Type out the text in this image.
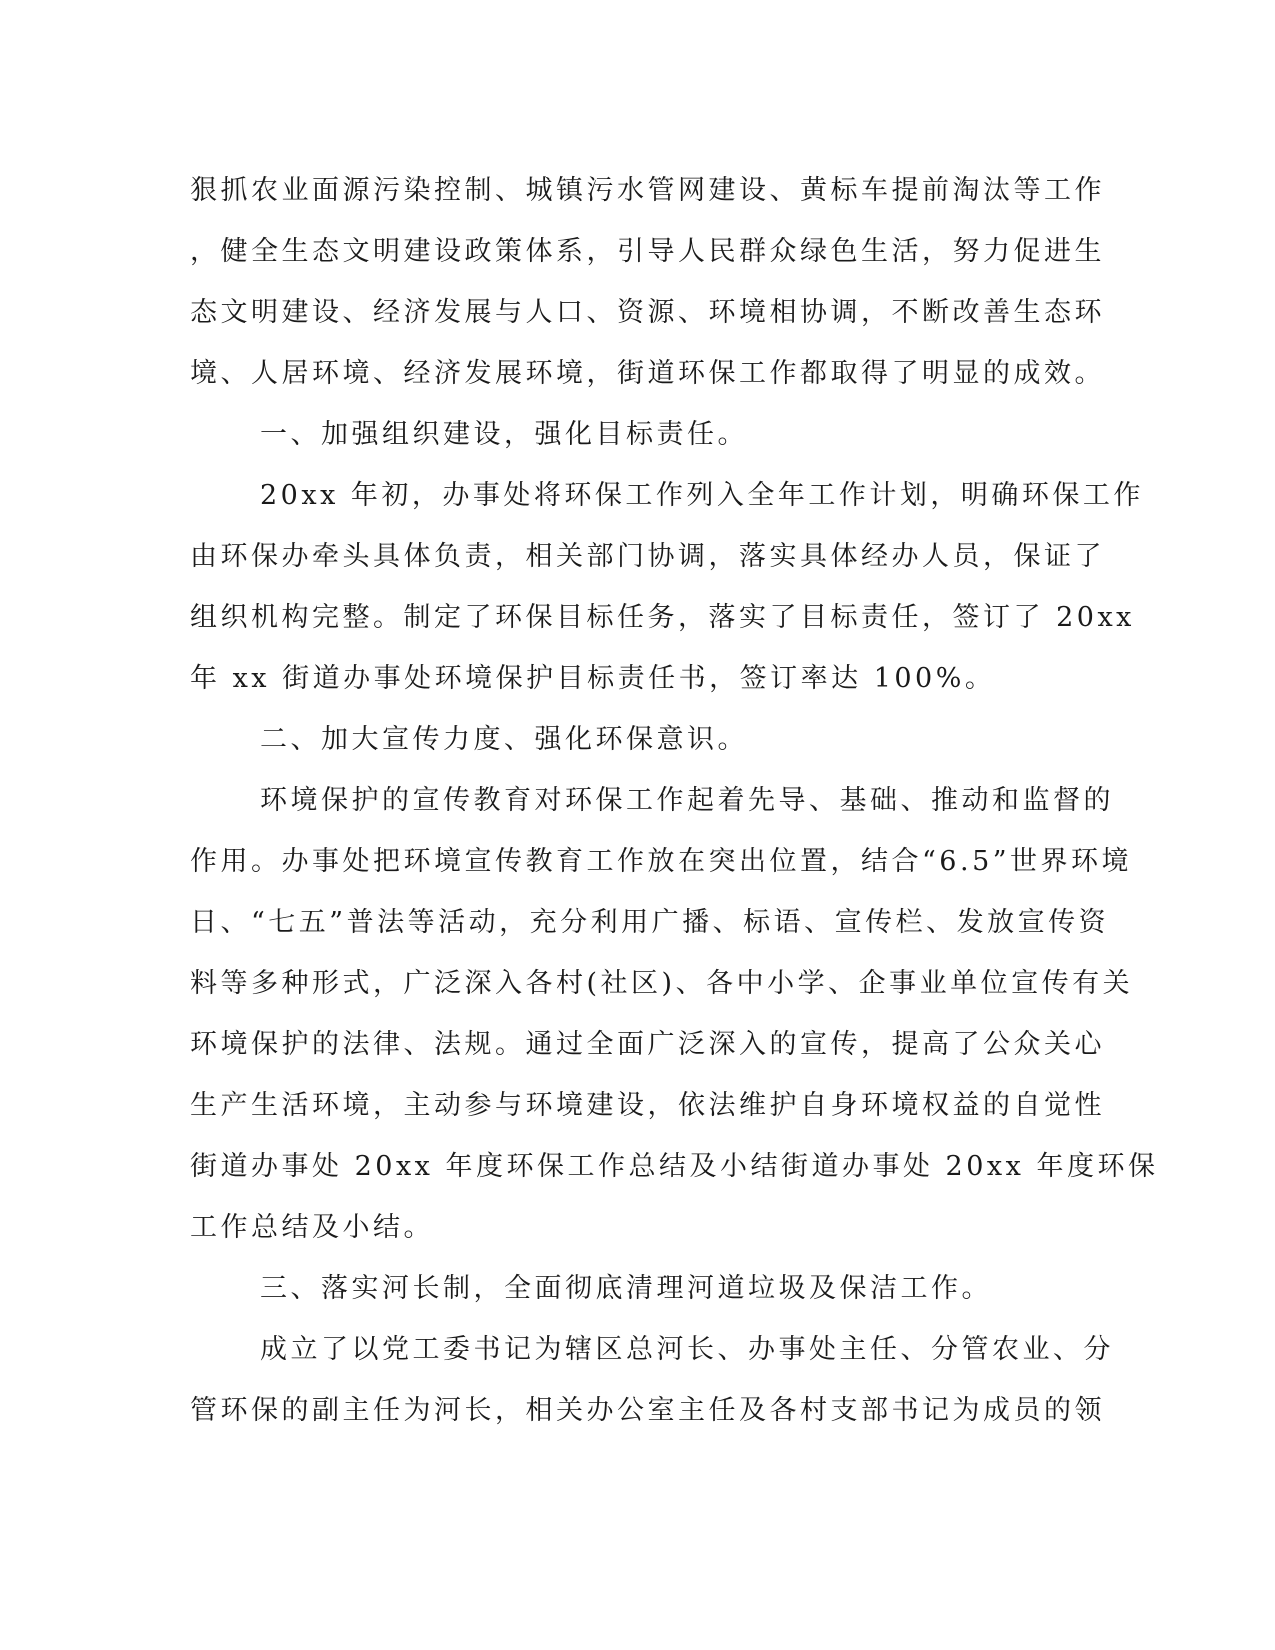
狠抓农业面源污染控制、城镇污水管网建设、黄标车提前淘汰等工作
，健全生态文明建设政策体系，引导人民群众绿色生活，努力促进生
态文明建设、经济发展与人口、资源、环境相协调，不断改善生态环
境、人居环境、经济发展环境，街道环保工作都取得了明显的成效。
一、加强组织建设，强化目标责任。
20xx 年初，办事处将环保工作列入全年工作计划，明确环保工作
由环保办牵头具体负责，相关部门协调，落实具体经办人员，保证了
组织机构完整。制定了环保目标任务，落实了目标责任，签订了 20xx
年 xx 街道办事处环境保护目标责任书，签订率达 100%。
二、加大宣传力度、强化环保意识。
环境保护的宣传教育对环保工作起着先导、基础、推动和监督的
作用。办事处把环境宣传教育工作放在突出位置，结合“6.5”世界环境
日、“七五”普法等活动，充分利用广播、标语、宣传栏、发放宣传资
料等多种形式，广泛深入各村(社区)、各中小学、企事业单位宣传有关
环境保护的法律、法规。通过全面广泛深入的宣传，提高了公众关心
生产生活环境，主动参与环境建设，依法维护自身环境权益的自觉性
街道办事处 20xx 年度环保工作总结及小结街道办事处 20xx 年度环保
工作总结及小结。
三、落实河长制，全面彻底清理河道垃圾及保洁工作。
成立了以党工委书记为辖区总河长、办事处主任、分管农业、分
管环保的副主任为河长，相关办公室主任及各村支部书记为成员的领
